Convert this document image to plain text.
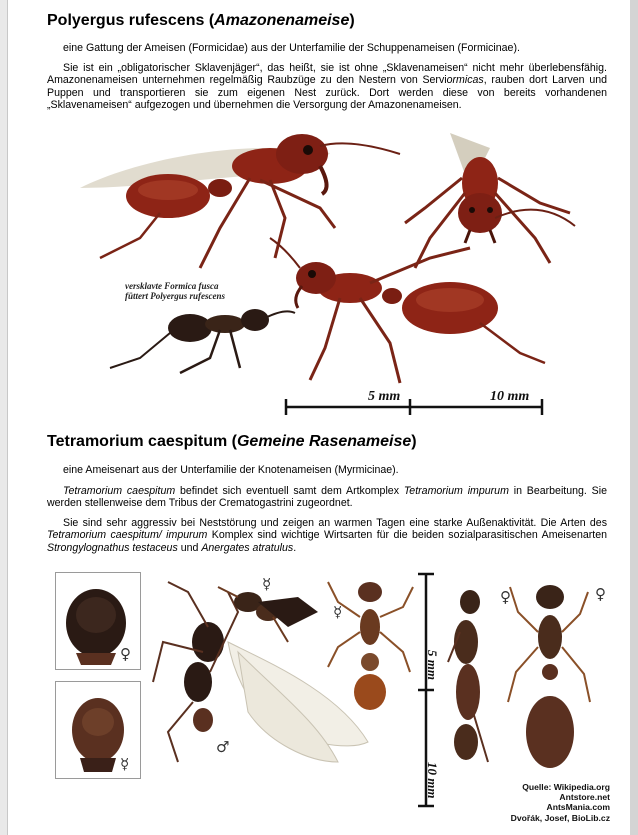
Polyergus rufescens (Amazonenameise)
eine Gattung der Ameisen (Formicidae) aus der Unterfamilie der Schuppenameisen (Formicinae).
Sie ist ein „obligatorischer Sklavenjäger“, das heißt, sie ist ohne „Sklavenameisen“ nicht mehr überlebensfähig. Amazonenameisen unternehmen regelmäßig Raubzüge zu den Nestern von Serviormicas, rauben dort Larven und Puppen und transportieren sie zum eigenen Nest zurück. Dort werden diese von bereits vorhandenen „Sklavenameisen“ aufgezogen und übernehmen die Versorgung der Amazonenameisen.
versklavte Formica fusca
füttert Polyergus rufescens
5 mm	10 mm
Tetramorium caespitum (Gemeine Rasenameise)
eine Ameisenart aus der Unterfamilie der Knotenameisen (Myrmicinae).
Tetramorium caespitum befindet sich eventuell samt dem Artkomplex Tetramorium impurum in Bearbeitung. Sie werden stellenweise dem Tribus der Crematogastrini zugeordnet.
Sie sind sehr aggressiv bei Neststörung und zeigen an warmen Tagen eine starke Außenaktivität. Die Arten des Tetramorium caespitum/ impurum Komplex sind wichtige Wirtsarten für die beiden sozialparasitischen Ameisenarten Strongylognathus testaceus und Anergates atratulus.
♀
☿
☿
☿
♂
♀	♀
5 mm
10 mm	Quelle: Wikipedia.org
Antstore.net
AntsMania.com
Dvořák, Josef, BioLib.cz
